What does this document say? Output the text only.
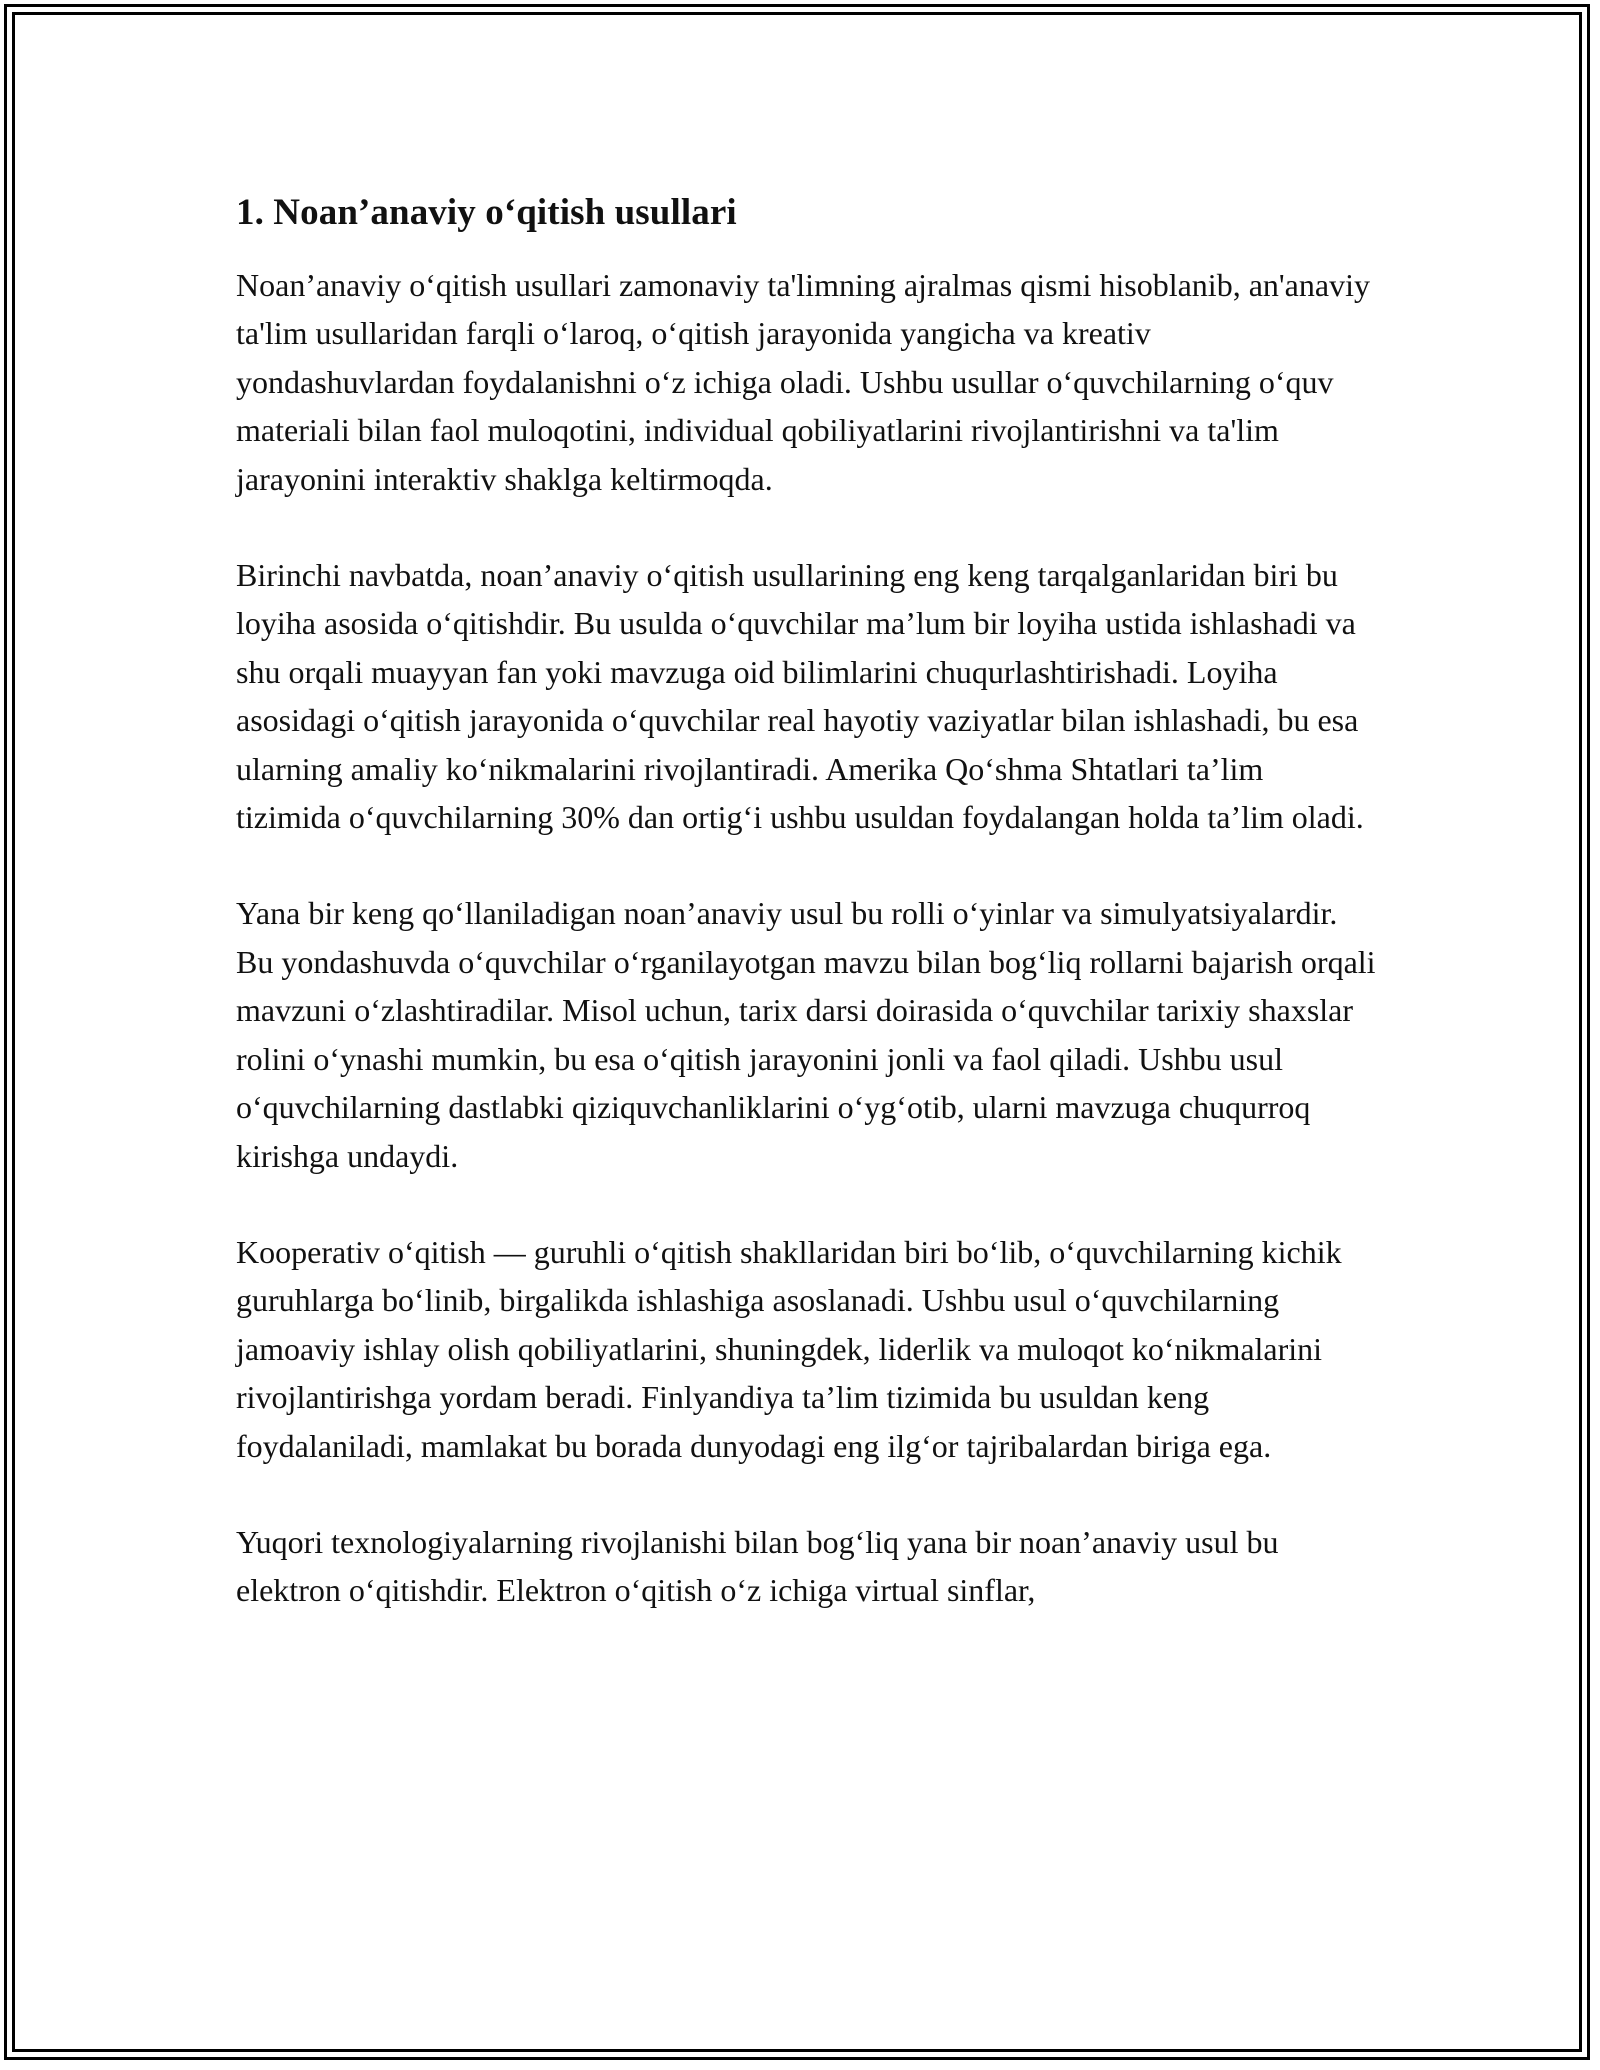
1. Noan’anaviy o‘qitish usullari

Noan’anaviy o‘qitish usullari zamonaviy ta'limning ajralmas qismi hisoblanib, an'anaviy ta'lim usullaridan farqli o‘laroq, o‘qitish jarayonida yangicha va kreativ yondashuvlardan foydalanishni o‘z ichiga oladi. Ushbu usullar o‘quvchilarning o‘quv materiali bilan faol muloqotini, individual qobiliyatlarini rivojlantirishni va ta'lim jarayonini interaktiv shaklga keltirmoqda.

Birinchi navbatda, noan’anaviy o‘qitish usullarining eng keng tarqalganlaridan biri bu loyiha asosida o‘qitishdir. Bu usulda o‘quvchilar ma’lum bir loyiha ustida ishlashadi va shu orqali muayyan fan yoki mavzuga oid bilimlarini chuqurlashtirishadi. Loyiha asosidagi o‘qitish jarayonida o‘quvchilar real hayotiy vaziyatlar bilan ishlashadi, bu esa ularning amaliy ko‘nikmalarini rivojlantiradi. Amerika Qo‘shma Shtatlari ta’lim tizimida o‘quvchilarning 30% dan ortig‘i ushbu usuldan foydalangan holda ta’lim oladi.

Yana bir keng qo‘llaniladigan noan’anaviy usul bu rolli o‘yinlar va simulyatsiyalardir. Bu yondashuvda o‘quvchilar o‘rganilayotgan mavzu bilan bog‘liq rollarni bajarish orqali mavzuni o‘zlashtiradilar. Misol uchun, tarix darsi doirasida o‘quvchilar tarixiy shaxslar rolini o‘ynashi mumkin, bu esa o‘qitish jarayonini jonli va faol qiladi. Ushbu usul o‘quvchilarning dastlabki qiziquvchanliklarini o‘yg‘otib, ularni mavzuga chuqurroq kirishga undaydi.

Kooperativ o‘qitish — guruhli o‘qitish shakllaridan biri bo‘lib, o‘quvchilarning kichik guruhlarga bo‘linib, birgalikda ishlashiga asoslanadi. Ushbu usul o‘quvchilarning jamoaviy ishlay olish qobiliyatlarini, shuningdek, liderlik va muloqot ko‘nikmalarini rivojlantirishga yordam beradi. Finlyandiya ta’lim tizimida bu usuldan keng foydalaniladi, mamlakat bu borada dunyodagi eng ilg‘or tajribalardan biriga ega.

Yuqori texnologiyalarning rivojlanishi bilan bog‘liq yana bir noan’anaviy usul bu elektron o‘qitishdir. Elektron o‘qitish o‘z ichiga virtual sinflar,
